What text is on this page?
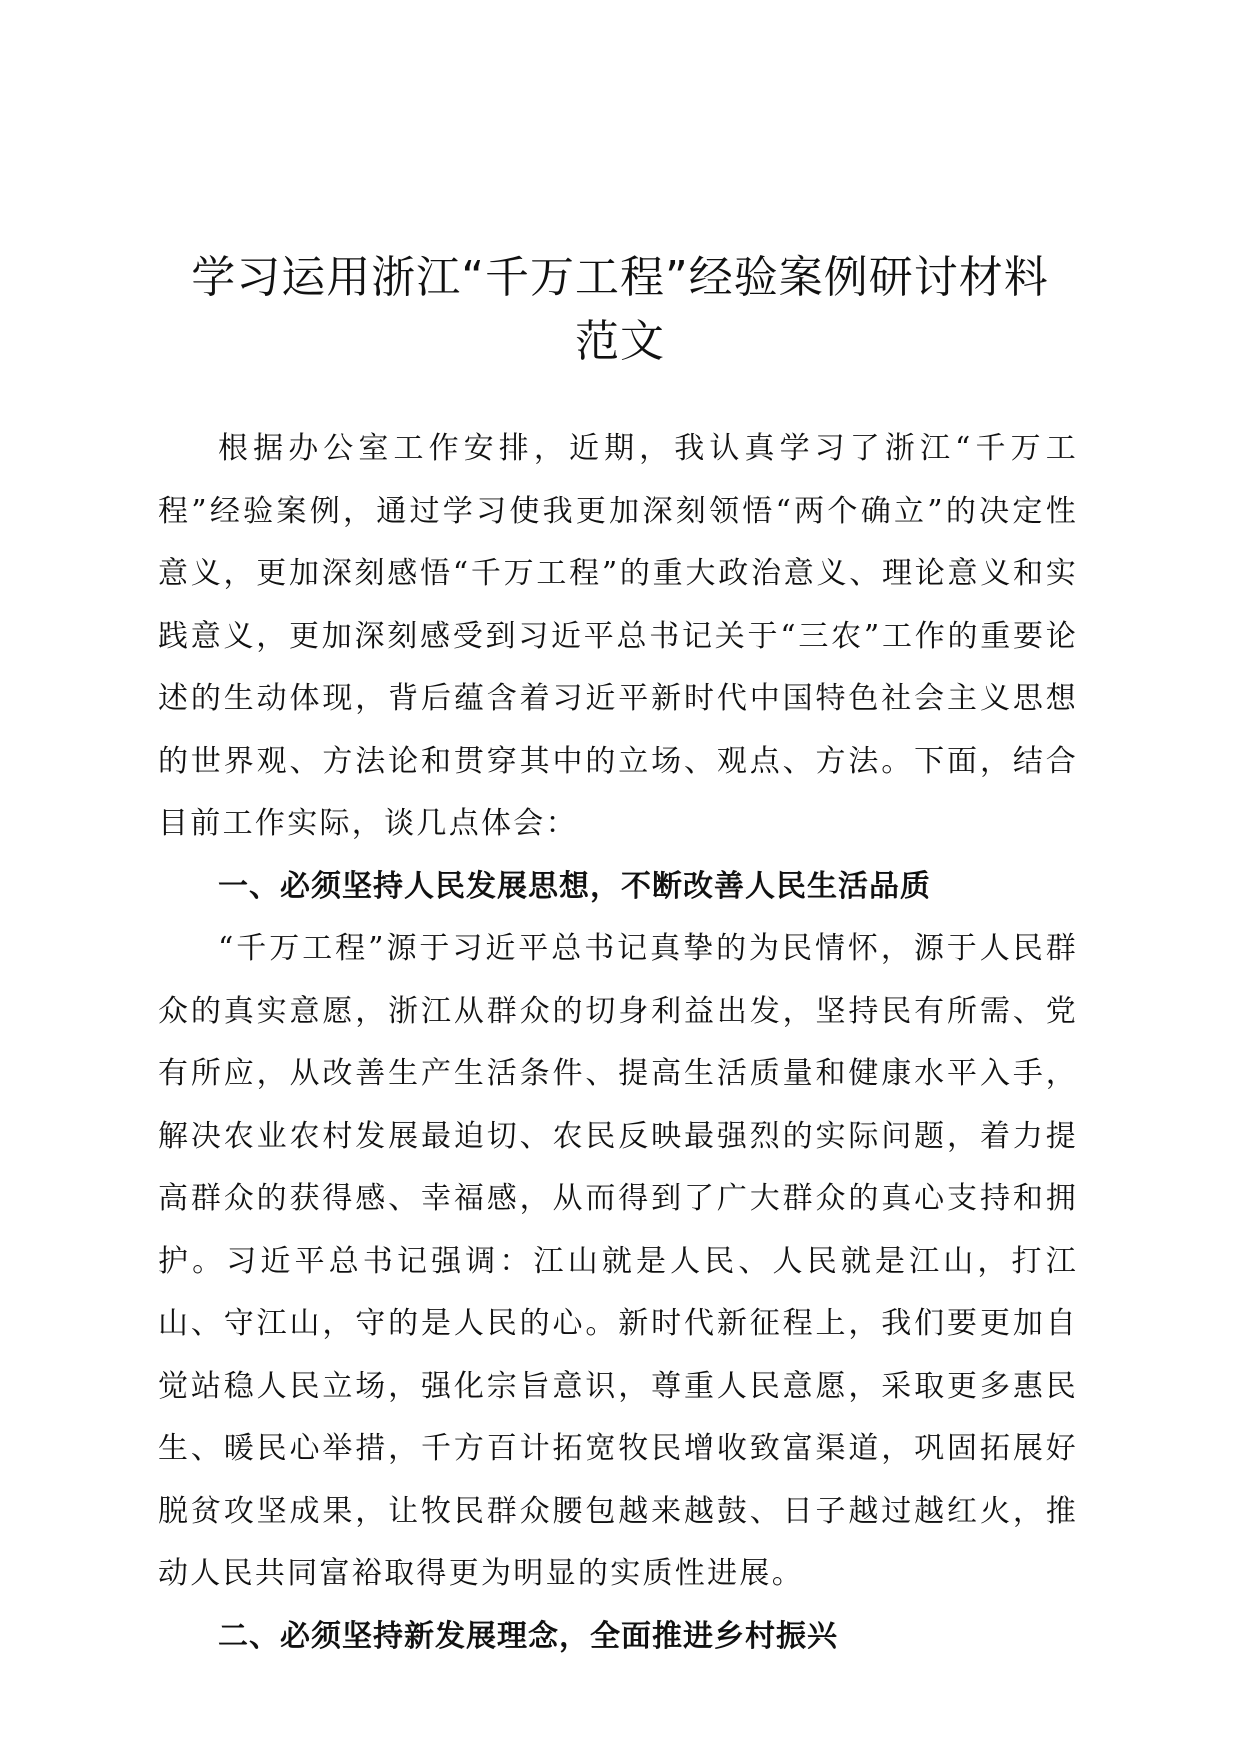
学习运用浙江“千万工程”经验案例研讨材料
范文

根据办公室工作安排，近期，我认真学习了浙江“千万工程”经验案例，通过学习使我更加深刻领悟“两个确立”的决定性意义，更加深刻感悟“千万工程”的重大政治意义、理论意义和实践意义，更加深刻感受到习近平总书记关于“三农”工作的重要论述的生动体现，背后蕴含着习近平新时代中国特色社会主义思想的世界观、方法论和贯穿其中的立场、观点、方法。下面，结合目前工作实际，谈几点体会：

一、必须坚持人民发展思想，不断改善人民生活品质

“千万工程”源于习近平总书记真挚的为民情怀，源于人民群众的真实意愿，浙江从群众的切身利益出发，坚持民有所需、党有所应，从改善生产生活条件、提高生活质量和健康水平入手，解决农业农村发展最迫切、农民反映最强烈的实际问题，着力提高群众的获得感、幸福感，从而得到了广大群众的真心支持和拥护。习近平总书记强调：江山就是人民、人民就是江山，打江山、守江山，守的是人民的心。新时代新征程上，我们要更加自觉站稳人民立场，强化宗旨意识，尊重人民意愿，采取更多惠民生、暖民心举措，千方百计拓宽牧民增收致富渠道，巩固拓展好脱贫攻坚成果，让牧民群众腰包越来越鼓、日子越过越红火，推动人民共同富裕取得更为明显的实质性进展。

二、必须坚持新发展理念，全面推进乡村振兴
